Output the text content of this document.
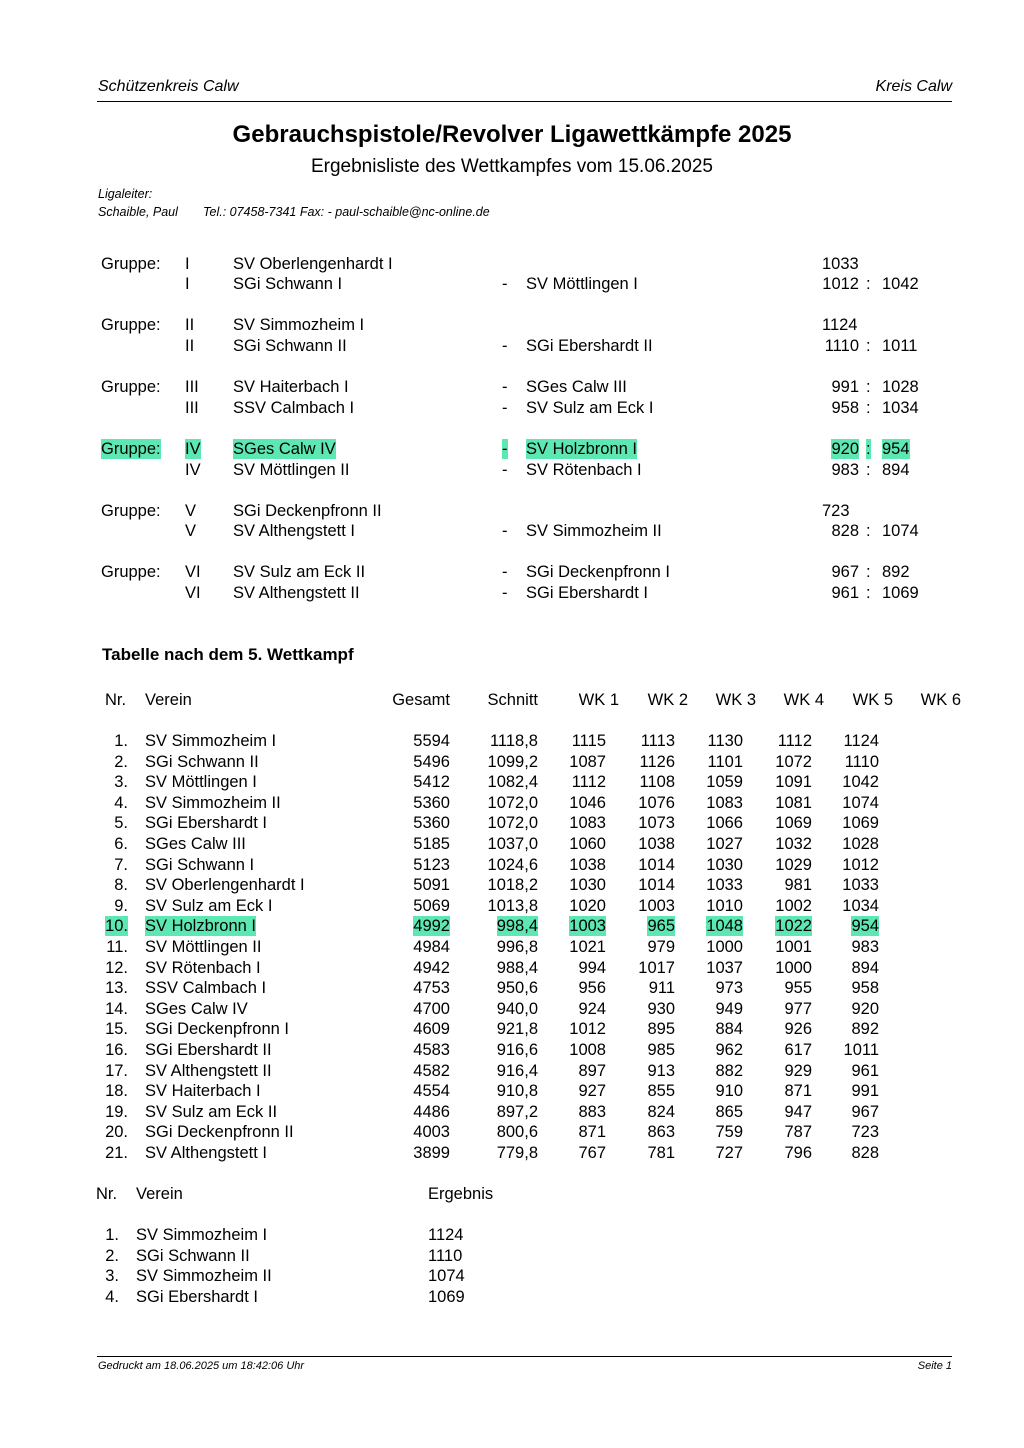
Schützenkreis Calw	Kreis Calw
Gebrauchspistole/Revolver Ligawettkämpfe 2025
Ergebnisliste des Wettkampfes vom 15.06.2025
Ligaleiter:
Schaible, Paul Tel.: 07458-7341 Fax: - paul-schaible@nc-online.de
Gruppe: I	SV Oberlengenhardt I	1033
I	SGi Schwann I	- SV Möttlingen I	1012 : 1042
Gruppe: II SV Simmozheim I	1124
II SGi Schwann II	- SGi Ebershardt II	1110 : 1011
Gruppe: III SV Haiterbach I	- SGes Calw III	991 : 1028
III SSV Calmbach I	- SV Sulz am Eck I	958 : 1034
Gruppe: IV SGes Calw IV	- SV Holzbronn I	920 : 954
IV SV Möttlingen II	- SV Rötenbach I	983 : 894
Gruppe: V SGi Deckenpfronn II	723
V SV Althengstett I	- SV Simmozheim II	828 : 1074
Gruppe: VI SV Sulz am Eck II	- SGi Deckenpfronn I	967 : 892
VI SV Althengstett II	- SGi Ebershardt I	961 : 1069
Tabelle nach dem 5. Wettkampf
Nr. Verein	Gesamt Schnitt WK 1 WK 2 WK 3 WK 4 WK 5 WK 6
1. SV Simmozheim I	5594 1118,8 1115 1113 1130 1112 1124
2. SGi Schwann II	5496 1099,2 1087 1126 1101 1072 1110
3. SV Möttlingen I	5412 1082,4 1112 1108 1059 1091 1042
4. SV Simmozheim II	5360 1072,0 1046 1076 1083 1081 1074
5. SGi Ebershardt I	5360 1072,0 1083 1073 1066 1069 1069
6. SGes Calw III	5185 1037,0 1060 1038 1027 1032 1028
7. SGi Schwann I	5123 1024,6 1038 1014 1030 1029 1012
8. SV Oberlengenhardt I	5091 1018,2 1030 1014 1033	981 1033
9. SV Sulz am Eck I	5069 1013,8 1020 1003 1010 1002 1034
10. SV Holzbronn I	4992	998,4 1003	965 1048 1022 954
11. SV Möttlingen II	4984	996,8 1021	979 1000 1001 983
12. SV Rötenbach I	4942	988,4 994 1017 1037 1000 894
13. SSV Calmbach I	4753	950,6 956	911 973	955 958
14. SGes Calw IV	4700	940,0 924	930 949	977 920
15. SGi Deckenpfronn I	4609	921,8 1012	895 884	926 892
16. SGi Ebershardt II	4583	916,6 1008	985 962	617 1011
17. SV Althengstett II	4582	916,4 897	913 882	929 961
18. SV Haiterbach I	4554	910,8 927	855 910	871 991
19. SV Sulz am Eck II	4486	897,2 883	824 865	947 967
20. SGi Deckenpfronn II	4003	800,6 871	863 759	787 723
21. SV Althengstett I	3899	779,8 767	781 727	796 828
Nr. Verein	Ergebnis
1. SV Simmozheim I	1124
2. SGi Schwann II	1110
3. SV Simmozheim II	1074
4. SGi Ebershardt I	1069
Gedruckt am 18.06.2025 um 18:42:06 Uhr	Seite 1
